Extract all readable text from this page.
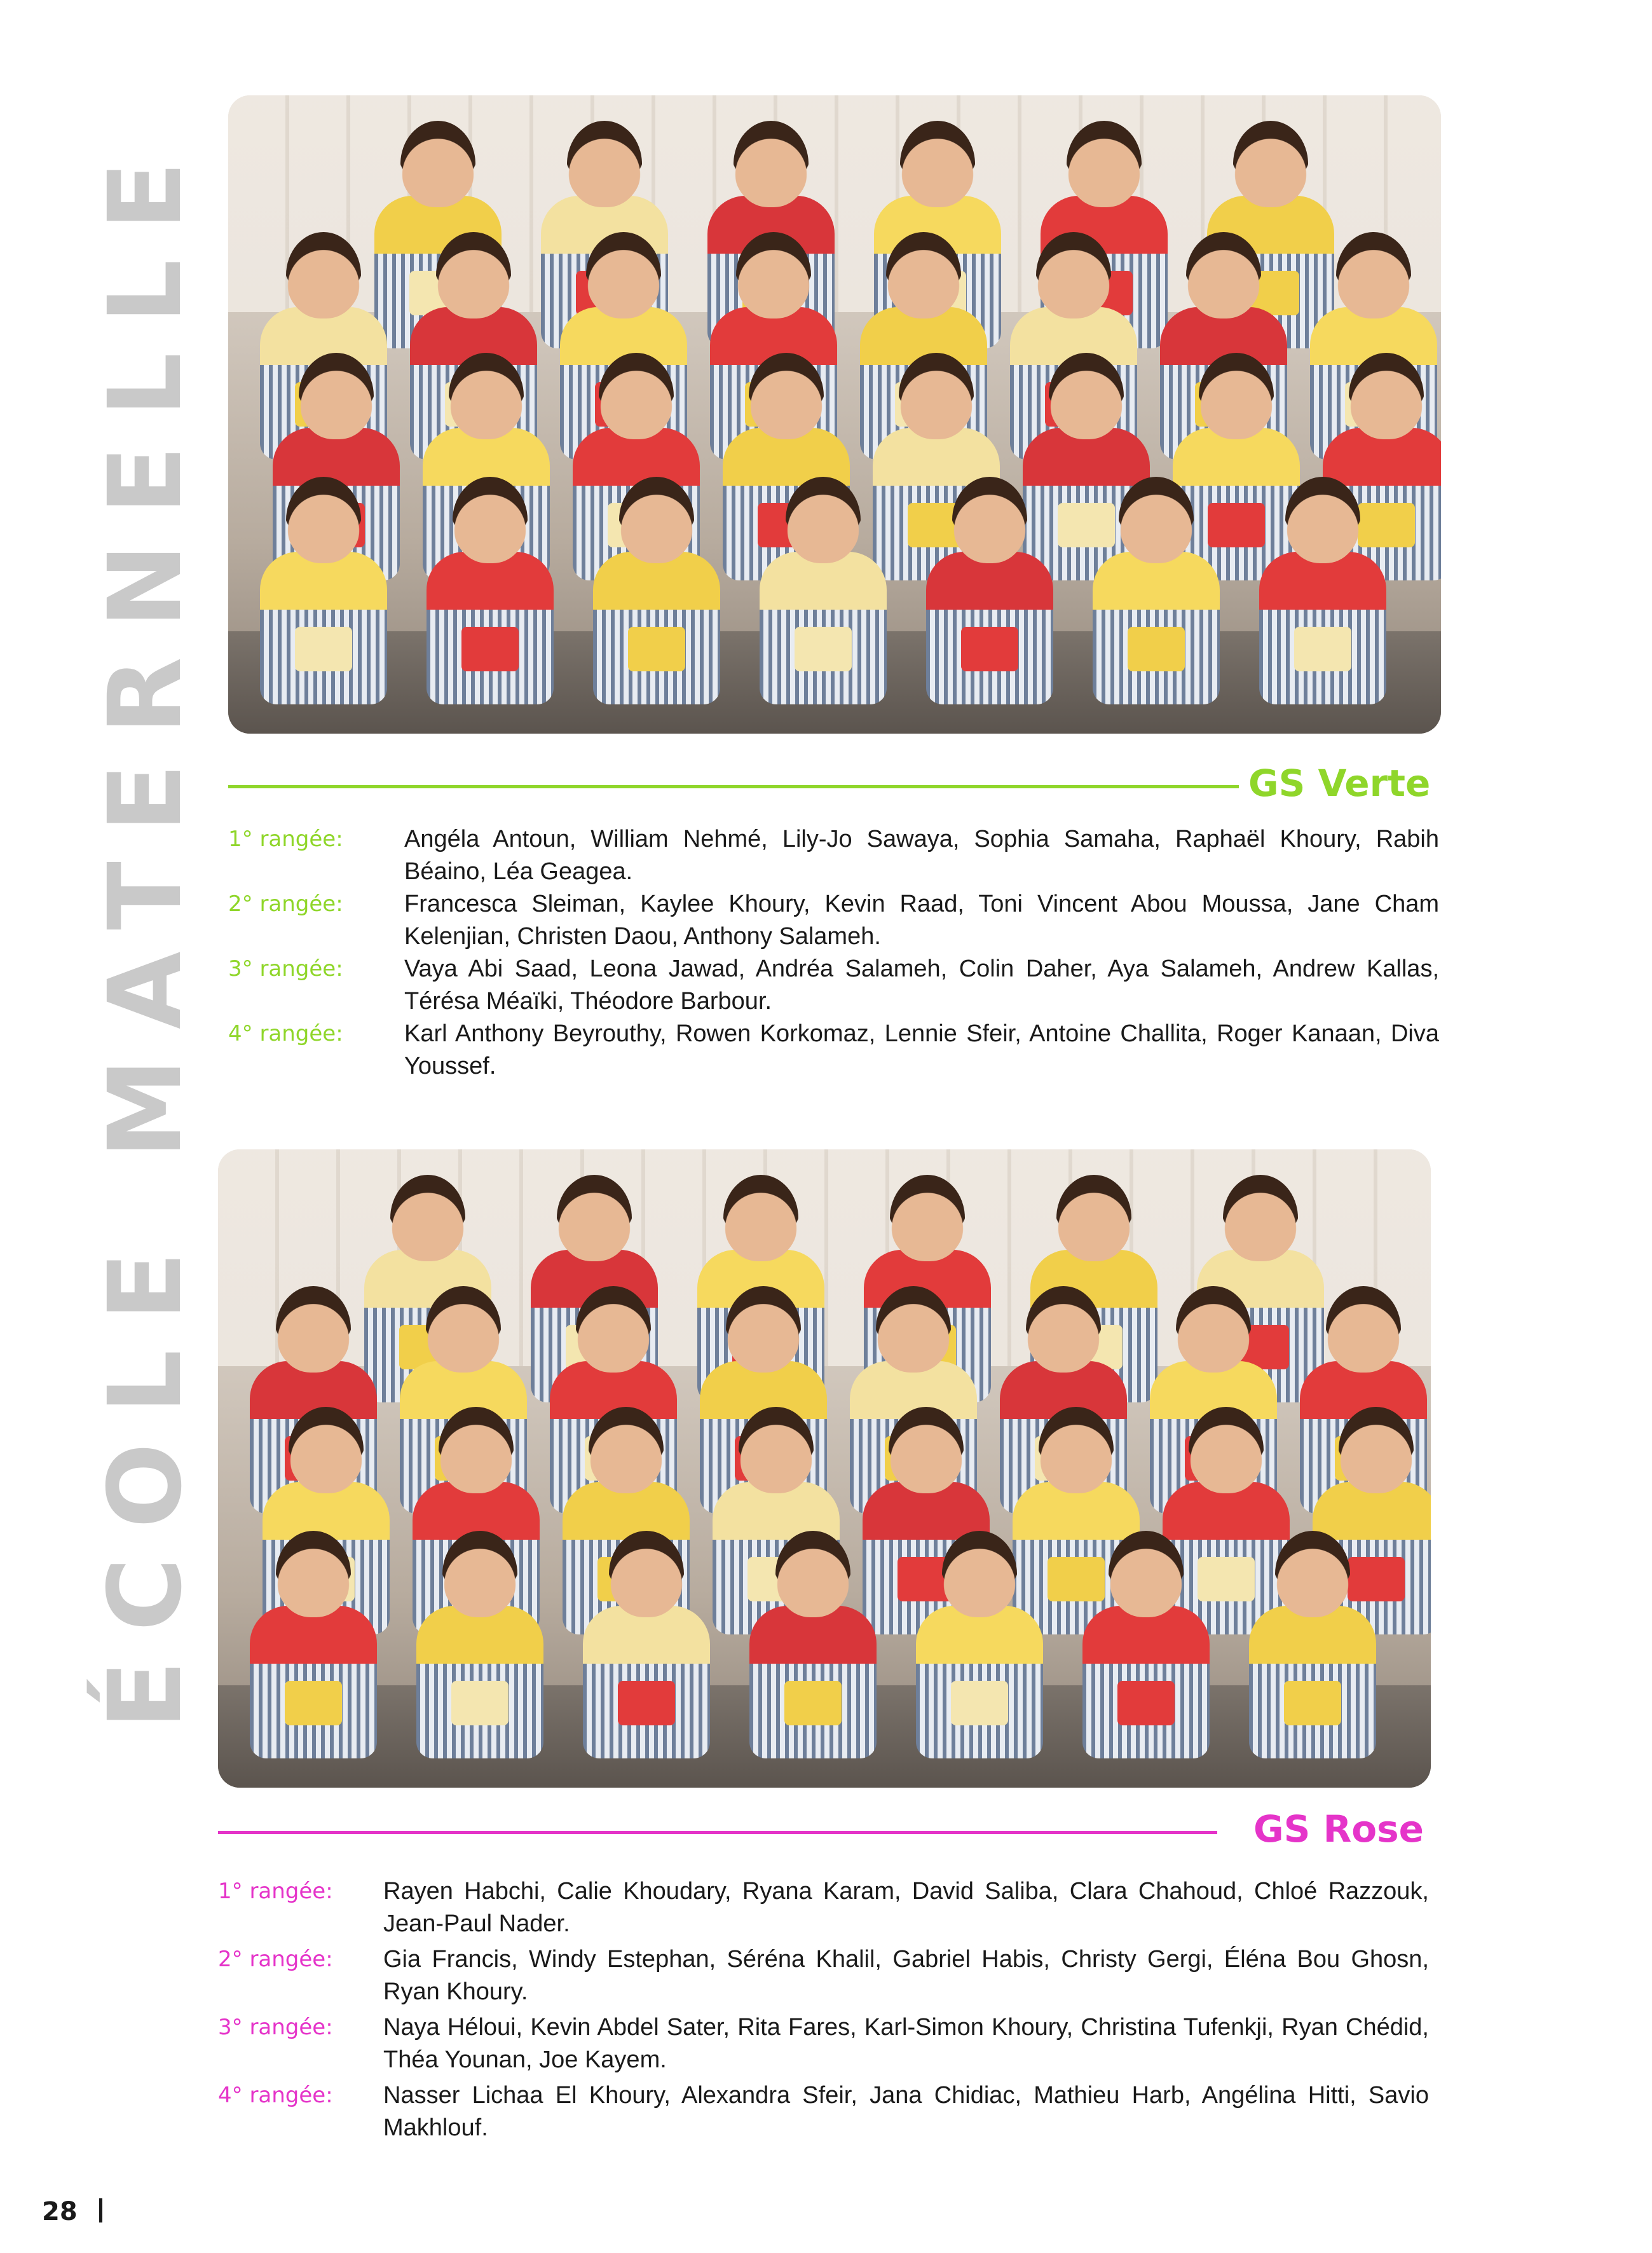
ÉCOLE MATERNELLE	GS Verte
1° rangée:	Angéla Antoun, William Nehmé, Lily-Jo Sawaya, Sophia Samaha, Raphaël Khoury, Rabih Béaino, Léa Geagea.
2° rangée:	Francesca Sleiman, Kaylee Khoury, Kevin Raad, Toni Vincent Abou Moussa, Jane Cham Kelenjian, Christen Daou, Anthony Salameh.
3° rangée:	Vaya Abi Saad, Leona Jawad, Andréa Salameh, Colin Daher, Aya Salameh, Andrew Kallas, Térésa Méaïki, Théodore Barbour.
4° rangée:	Karl Anthony Beyrouthy, Rowen Korkomaz, Lennie Sfeir, Antoine Challita, Roger Kanaan, Diva Youssef.
GS Rose
1° rangée: Rayen Habchi, Calie Khoudary, Ryana Karam, David Saliba, Clara Chahoud, Chloé Razzouk, Jean-Paul Nader.
2° rangée: Gia Francis, Windy Estephan, Séréna Khalil, Gabriel Habis, Christy Gergi, Éléna Bou Ghosn, Ryan Khoury.
3° rangée: Naya Héloui, Kevin Abdel Sater, Rita Fares, Karl-Simon Khoury, Christina Tufenkji, Ryan Chédid, Théa Younan, Joe Kayem.
4° rangée: Nasser Lichaa El Khoury, Alexandra Sfeir, Jana Chidiac, Mathieu Harb, Angélina Hitti, Savio Makhlouf.
28
